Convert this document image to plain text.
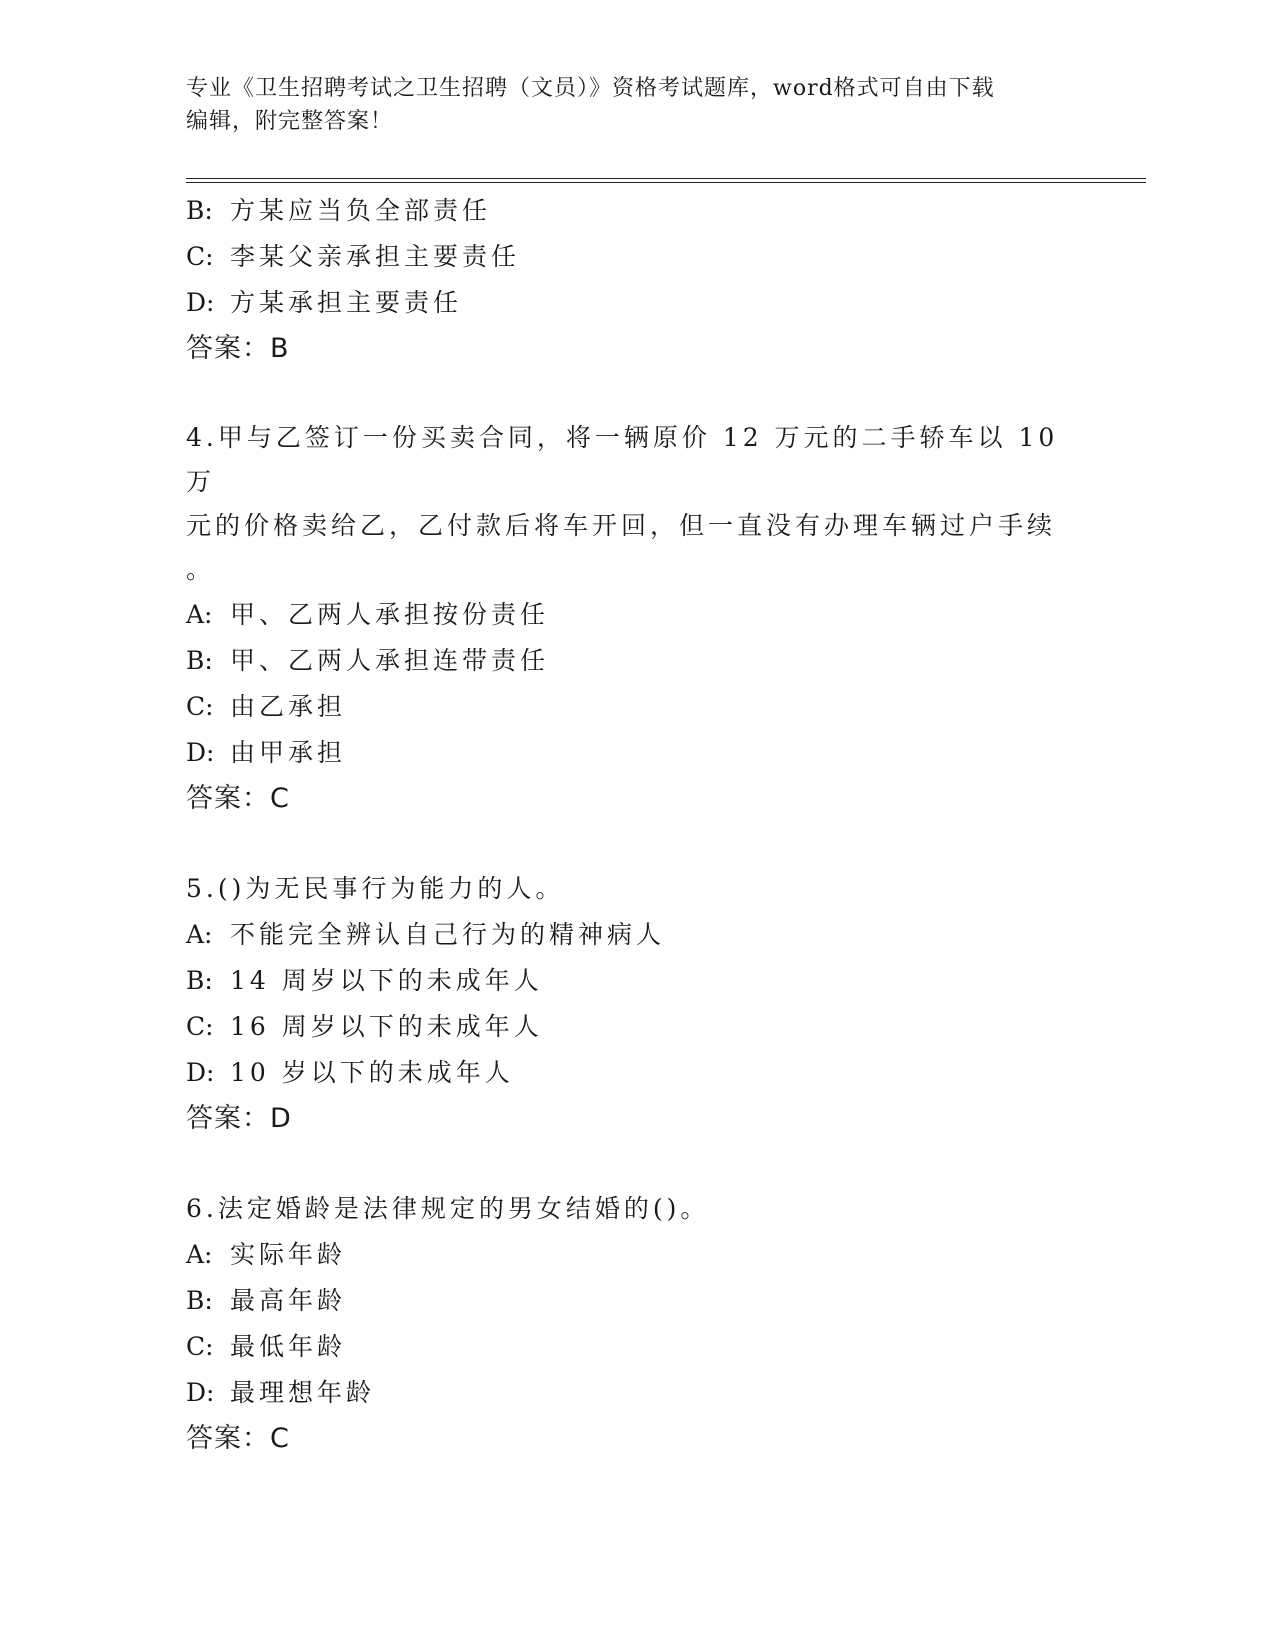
专业《卫生招聘考试之卫生招聘（文员）》资格考试题库，word格式可自由下载
编辑，附完整答案！
B: 方某应当负全部责任
C: 李某父亲承担主要责任
D: 方某承担主要责任
答案：B
4.甲与乙签订一份买卖合同，将一辆原价 12 万元的二手轿车以 10 万
元的价格卖给乙，乙付款后将车开回，但一直没有办理车辆过户手续
。
A: 甲、乙两人承担按份责任
B: 甲、乙两人承担连带责任
C: 由乙承担
D: 由甲承担
答案：C
5.()为无民事行为能力的人。
A: 不能完全辨认自己行为的精神病人
B: 14 周岁以下的未成年人
C: 16 周岁以下的未成年人
D: 10 岁以下的未成年人
答案：D
6.法定婚龄是法律规定的男女结婚的()。
A: 实际年龄
B: 最高年龄
C: 最低年龄
D: 最理想年龄
答案：C
